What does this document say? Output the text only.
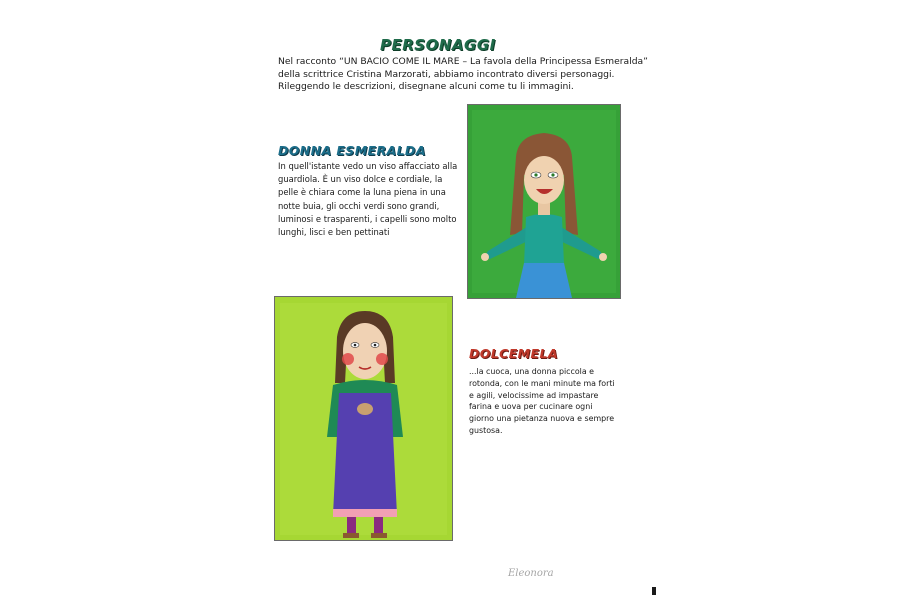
PERSONAGGI
Nel racconto “UN BACIO COME IL MARE – La favola della Principessa Esmeralda”
della scrittrice Cristina Marzorati, abbiamo incontrato diversi personaggi.
Rileggendo le descrizioni, disegnane alcuni come tu li immagini.
DONNA ESMERALDA
In quell'istante vedo un viso affacciato alla
guardiola. È un viso dolce e cordiale, la
pelle è chiara come la luna piena in una
notte buia, gli occhi verdi sono grandi,
luminosi e trasparenti, i capelli sono molto
lunghi, lisci e ben pettinati
DOLCEMELA
...la cuoca, una donna piccola e
rotonda, con le mani minute ma forti
e agili, velocissime ad impastare
farina e uova per cucinare ogni
giorno una pietanza nuova e sempre
gustosa.
Eleonora
